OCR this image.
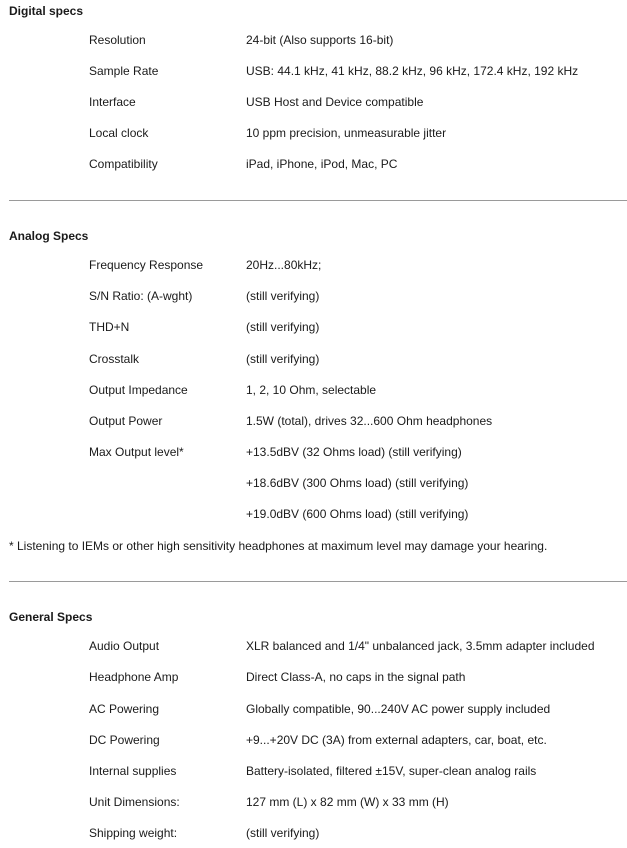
Digital specs
Resolution	24-bit (Also supports 16-bit)
Sample Rate	USB: 44.1 kHz, 41 kHz, 88.2 kHz, 96 kHz, 172.4 kHz, 192 kHz
Interface	USB Host and Device compatible
Local clock	10 ppm precision, unmeasurable jitter
Compatibility	iPad, iPhone, iPod, Mac, PC
Analog Specs
Frequency Response	20Hz...80kHz;
S/N Ratio: (A-wght)	(still verifying)
THD+N	(still verifying)
Crosstalk	(still verifying)
Output Impedance	1, 2, 10 Ohm, selectable
Output Power	1.5W (total), drives 32...600 Ohm headphones
Max Output level*	+13.5dBV (32 Ohms load) (still verifying)
+18.6dBV (300 Ohms load) (still verifying)
+19.0dBV (600 Ohms load) (still verifying)
* Listening to IEMs or other high sensitivity headphones at maximum level may damage your hearing.
General Specs
Audio Output	XLR balanced and 1/4" unbalanced jack, 3.5mm adapter included
Headphone Amp	Direct Class-A, no caps in the signal path
AC Powering	Globally compatible, 90...240V AC power supply included
DC Powering	+9...+20V DC (3A) from external adapters, car, boat, etc.
Internal supplies	Battery-isolated, filtered ±15V, super-clean analog rails
Unit Dimensions:	127 mm (L) x 82 mm (W) x 33 mm (H)
Shipping weight:	(still verifying)
